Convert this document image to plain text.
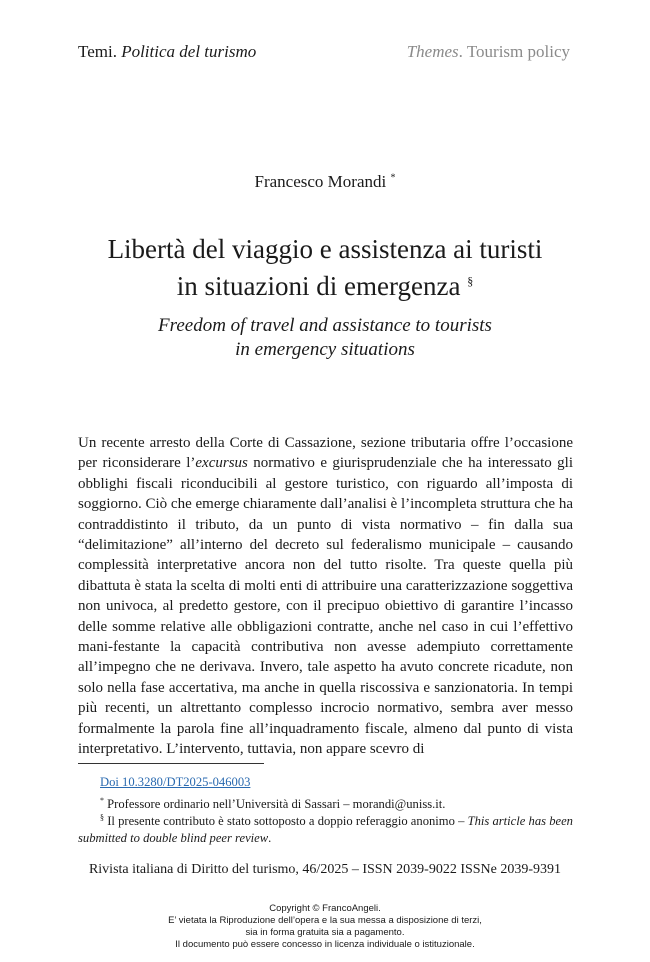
Temi. Politica del turismo	Themes. Tourism policy
Francesco Morandi *
Libertà del viaggio e assistenza ai turisti
in situazioni di emergenza §
Freedom of travel and assistance to tourists
in emergency situations
Un recente arresto della Corte di Cassazione, sezione tributaria offre l’occasione per riconsiderare l’excursus normativo e giurisprudenziale che ha interessato gli obblighi fiscali riconducibili al gestore turistico, con riguardo all’imposta di soggiorno. Ciò che emerge chiaramente dall’analisi è l’incompleta struttura che ha contraddistinto il tributo, da un punto di vista normativo – fin dalla sua “delimitazione” all’interno del decreto sul federalismo municipale – causando complessità interpretative ancora non del tutto risolte. Tra queste quella più dibattuta è stata la scelta di molti enti di attribuire una caratterizzazione soggettiva non univoca, al predetto gestore, con il precipuo obiettivo di garantire l’incasso delle somme relative alle obbligazioni contratte, anche nel caso in cui l’effettivo mani-festante la capacità contributiva non avesse adempiuto correttamente all’impegno che ne derivava. Invero, tale aspetto ha avuto concrete ricadute, non solo nella fase accertativa, ma anche in quella riscossiva e sanzionatoria. In tempi più recenti, un altrettanto complesso incrocio normativo, sembra aver messo formalmente la parola fine all’inquadramento fiscale, almeno dal punto di vista interpretativo. L’intervento, tuttavia, non appare scevro di
Doi 10.3280/DT2025-046003
* Professore ordinario nell’Università di Sassari – morandi@uniss.it.
§ Il presente contributo è stato sottoposto a doppio referaggio anonimo – This article has been submitted to double blind peer review.
Rivista italiana di Diritto del turismo, 46/2025 – ISSN 2039-9022 ISSNe 2039-9391
Copyright © FrancoAngeli.
E’ vietata la Riproduzione dell’opera e la sua messa a disposizione di terzi,
sia in forma gratuita sia a pagamento.
Il documento può essere concesso in licenza individuale o istituzionale.
